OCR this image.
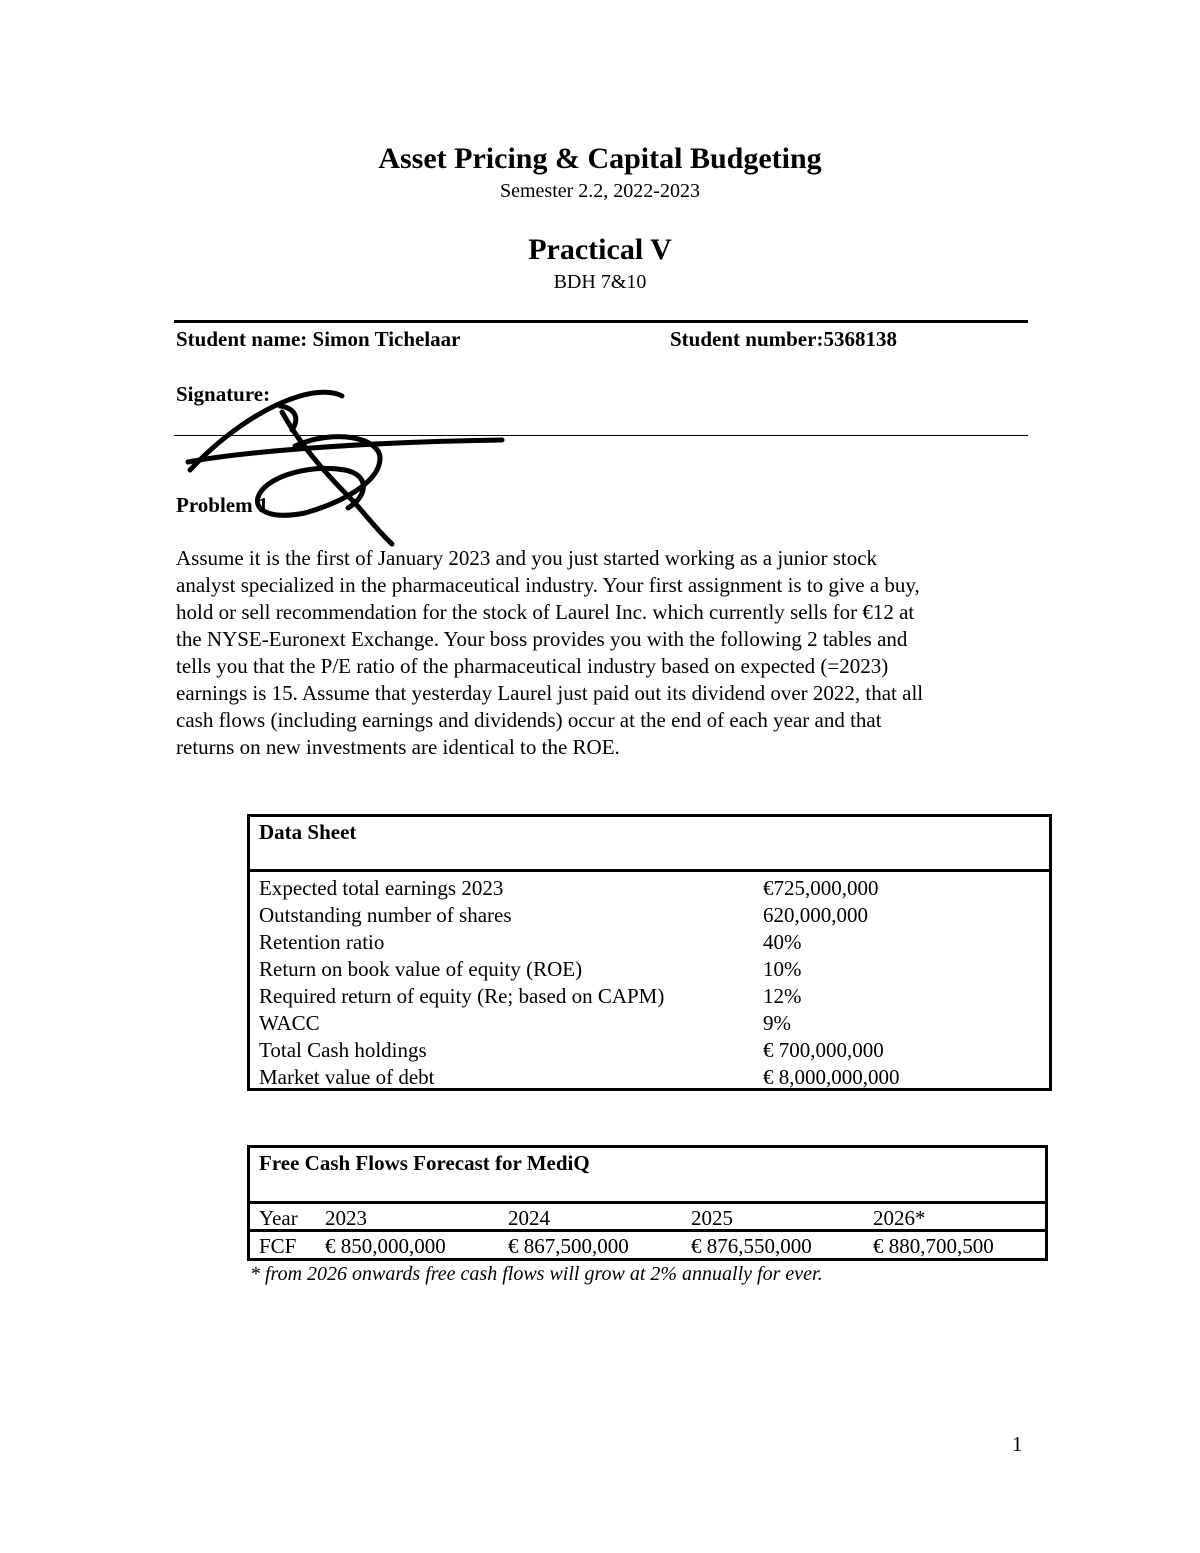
Asset Pricing & Capital Budgeting
Semester 2.2, 2022-2023
Practical V
BDH 7&10
Student name: Simon Tichelaar	Student number:5368138
Signature:
Problem 1
Assume it is the first of January 2023 and you just started working as a junior stock
analyst specialized in the pharmaceutical industry. Your first assignment is to give a buy,
hold or sell recommendation for the stock of Laurel Inc. which currently sells for €12 at
the NYSE-Euronext Exchange. Your boss provides you with the following 2 tables and
tells you that the P/E ratio of the pharmaceutical industry based on expected (=2023)
earnings is 15. Assume that yesterday Laurel just paid out its dividend over 2022, that all
cash flows (including earnings and dividends) occur at the end of each year and that
returns on new investments are identical to the ROE.
Data Sheet
Expected total earnings 2023	€725,000,000
Outstanding number of shares	620,000,000
Retention ratio	40%
Return on book value of equity (ROE)	10%
Required return of equity (Re; based on CAPM)	12%
WACC	9%
Total Cash holdings	€ 700,000,000
Market value of debt	€ 8,000,000,000
Free Cash Flows Forecast for MediQ
Year 2023	2024	2025	2026*
FCF € 850,000,000	€ 867,500,000	€ 876,550,000	€ 880,700,500
* from 2026 onwards free cash flows will grow at 2% annually for ever.
1
